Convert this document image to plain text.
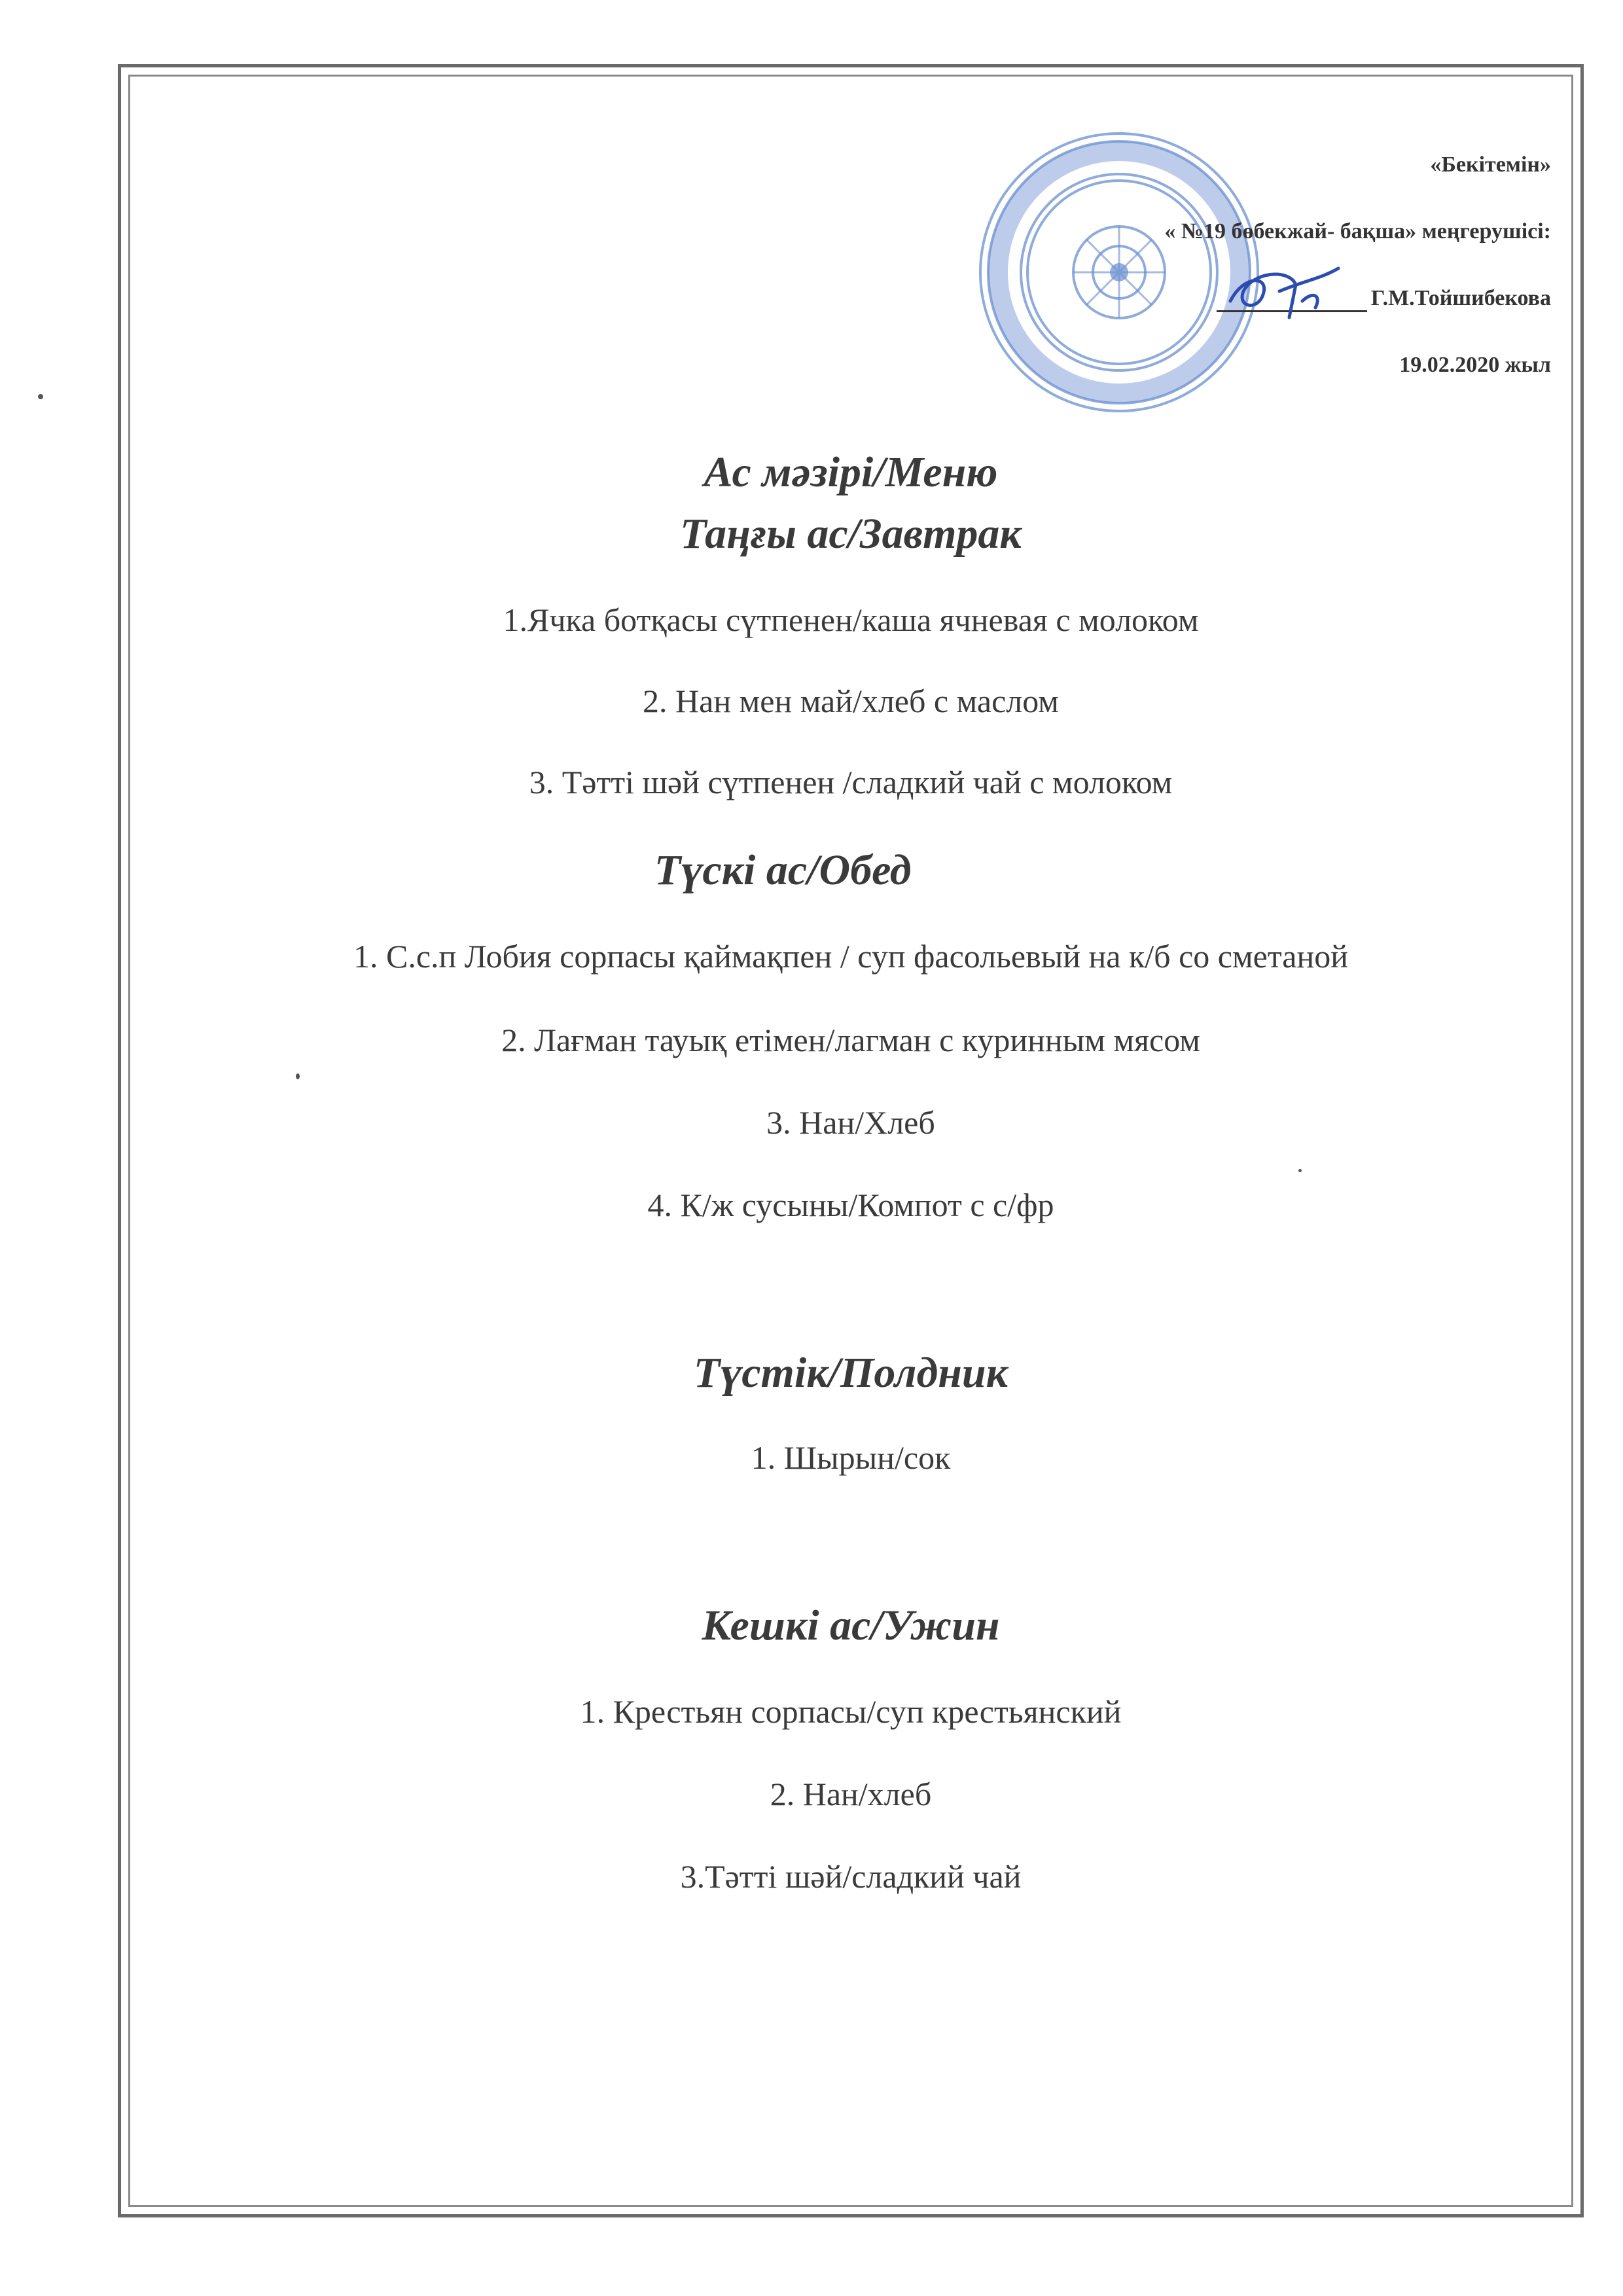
«Бекітемін»
« №19 бөбекжай- бақша» меңгерушісі:
Г.М.Тойшибекова
19.02.2020 жыл
Ас мәзірі/Меню
Таңғы ас/Завтрак

1.Ячка ботқасы сүтпенен/каша ячневая с молоком

2. Нан мен май/хлеб с маслом

3. Тәтті шәй сүтпенен /сладкий чай с молоком

Түскі ас/Обед

1. С.с.п Лобия сорпасы қаймақпен / суп фасольевый на к/б со сметаной

2. Лағман тауық етімен/лагман с куринным мясом

3. Нан/Хлеб

4. К/ж сусыны/Компот с с/фр

Түстік/Полдник

1. Шырын/сок

Кешкі ас/Ужин

1. Крестьян сорпасы/суп крестьянский

2. Нан/хлеб

3.Тәтті шәй/сладкий чай
